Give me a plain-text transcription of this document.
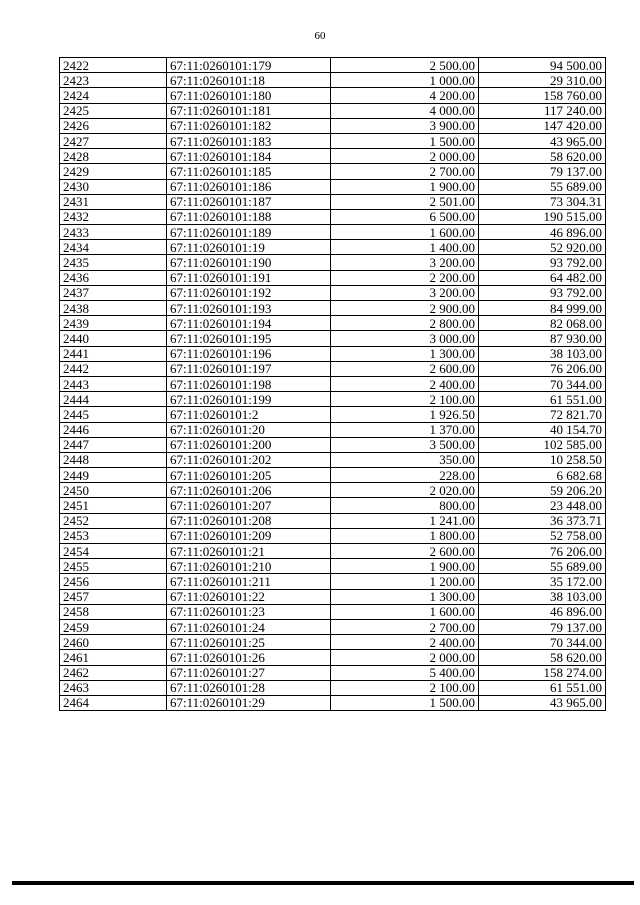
60
2422	67:11:0260101:179	2 500.00	94 500.00
2423	67:11:0260101:18	1 000.00	29 310.00
2424	67:11:0260101:180	4 200.00	158 760.00
2425	67:11:0260101:181	4 000.00	117 240.00
2426	67:11:0260101:182	3 900.00	147 420.00
2427	67:11:0260101:183	1 500.00	43 965.00
2428	67:11:0260101:184	2 000.00	58 620.00
2429	67:11:0260101:185	2 700.00	79 137.00
2430	67:11:0260101:186	1 900.00	55 689.00
2431	67:11:0260101:187	2 501.00	73 304.31
2432	67:11:0260101:188	6 500.00	190 515.00
2433	67:11:0260101:189	1 600.00	46 896.00
2434	67:11:0260101:19	1 400.00	52 920.00
2435	67:11:0260101:190	3 200.00	93 792.00
2436	67:11:0260101:191	2 200.00	64 482.00
2437	67:11:0260101:192	3 200.00	93 792.00
2438	67:11:0260101:193	2 900.00	84 999.00
2439	67:11:0260101:194	2 800.00	82 068.00
2440	67:11:0260101:195	3 000.00	87 930.00
2441	67:11:0260101:196	1 300.00	38 103.00
2442	67:11:0260101:197	2 600.00	76 206.00
2443	67:11:0260101:198	2 400.00	70 344.00
2444	67:11:0260101:199	2 100.00	61 551.00
2445	67:11:0260101:2	1 926.50	72 821.70
2446	67:11:0260101:20	1 370.00	40 154.70
2447	67:11:0260101:200	3 500.00	102 585.00
2448	67:11:0260101:202	350.00	10 258.50
2449	67:11:0260101:205	228.00	6 682.68
2450	67:11:0260101:206	2 020.00	59 206.20
2451	67:11:0260101:207	800.00	23 448.00
2452	67:11:0260101:208	1 241.00	36 373.71
2453	67:11:0260101:209	1 800.00	52 758.00
2454	67:11:0260101:21	2 600.00	76 206.00
2455	67:11:0260101:210	1 900.00	55 689.00
2456	67:11:0260101:211	1 200.00	35 172.00
2457	67:11:0260101:22	1 300.00	38 103.00
2458	67:11:0260101:23	1 600.00	46 896.00
2459	67:11:0260101:24	2 700.00	79 137.00
2460	67:11:0260101:25	2 400.00	70 344.00
2461	67:11:0260101:26	2 000.00	58 620.00
2462	67:11:0260101:27	5 400.00	158 274.00
2463	67:11:0260101:28	2 100.00	61 551.00
2464	67:11:0260101:29	1 500.00	43 965.00
